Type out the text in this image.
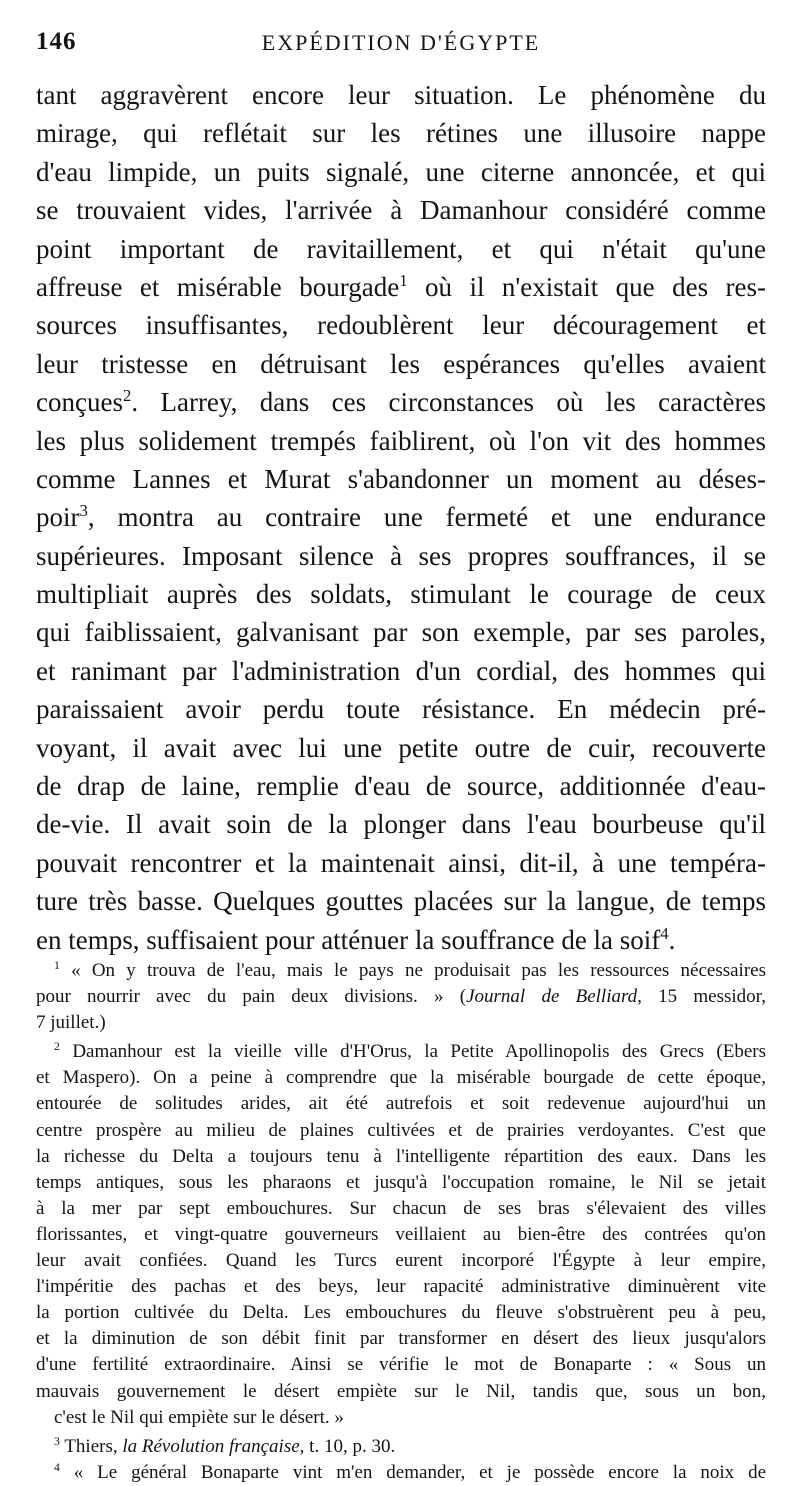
146	EXPÉDITION D'ÉGYPTE
tant aggravèrent encore leur situation. Le phénomène du
mirage, qui reflétait sur les rétines une illusoire nappe
d'eau limpide, un puits signalé, une citerne annoncée, et qui
se trouvaient vides, l'arrivée à Damanhour considéré comme
point important de ravitaillement, et qui n'était qu'une
affreuse et misérable bourgade$^1$ où il n'existait que des res-
sources insuffisantes, redoublèrent leur découragement et
leur tristesse en détruisant les espérances qu'elles avaient
conçues$^2$. Larrey, dans ces circonstances où les caractères
les plus solidement trempés faiblirent, où l'on vit des hommes
comme Lannes et Murat s'abandonner un moment au déses-
poir$^3$, montra au contraire une fermeté et une endurance
supérieures. Imposant silence à ses propres souffrances, il se
multipliait auprès des soldats, stimulant le courage de ceux
qui faiblissaient, galvanisant par son exemple, par ses paroles,
et ranimant par l'administration d'un cordial, des hommes qui
paraissaient avoir perdu toute résistance. En médecin pré-
voyant, il avait avec lui une petite outre de cuir, recouverte
de drap de laine, remplie d'eau de source, additionnée d'eau-
de-vie. Il avait soin de la plonger dans l'eau bourbeuse qu'il
pouvait rencontrer et la maintenait ainsi, dit-il, à une tempéra-
ture très basse. Quelques gouttes placées sur la langue, de temps
en temps, suffisaient pour atténuer la souffrance de la soif$^4$.
$^1$ « On y trouva de l'eau, mais le pays ne produisait pas les ressources nécessaires
pour nourrir avec du pain deux divisions. » (Journal de Belliard, 15 messidor,
7 juillet.)
$^2$ Damanhour est la vieille ville d'H'Orus, la Petite Apollinopolis des Grecs (Ebers
et Maspero). On a peine à comprendre que la misérable bourgade de cette époque,
entourée de solitudes arides, ait été autrefois et soit redevenue aujourd'hui un
centre prospère au milieu de plaines cultivées et de prairies verdoyantes. C'est que
la richesse du Delta a toujours tenu à l'intelligente répartition des eaux. Dans les
temps antiques, sous les pharaons et jusqu'à l'occupation romaine, le Nil se jetait
à la mer par sept embouchures. Sur chacun de ses bras s'élevaient des villes
florissantes, et vingt-quatre gouverneurs veillaient au bien-être des contrées qu'on
leur avait confiées. Quand les Turcs eurent incorporé l'Égypte à leur empire,
l'impéritie des pachas et des beys, leur rapacité administrative diminuèrent vite
la portion cultivée du Delta. Les embouchures du fleuve s'obstruèrent peu à peu,
et la diminution de son débit finit par transformer en désert des lieux jusqu'alors
d'une fertilité extraordinaire. Ainsi se vérifie le mot de Bonaparte : « Sous un
mauvais gouvernement le désert empiète sur le Nil, tandis que, sous un bon,
c'est le Nil qui empiète sur le désert. »
$^3$ Thiers, la Révolution française, t. 10, p. 30.
$^4$ « Le général Bonaparte vint m'en demander, et je possède encore la noix de
